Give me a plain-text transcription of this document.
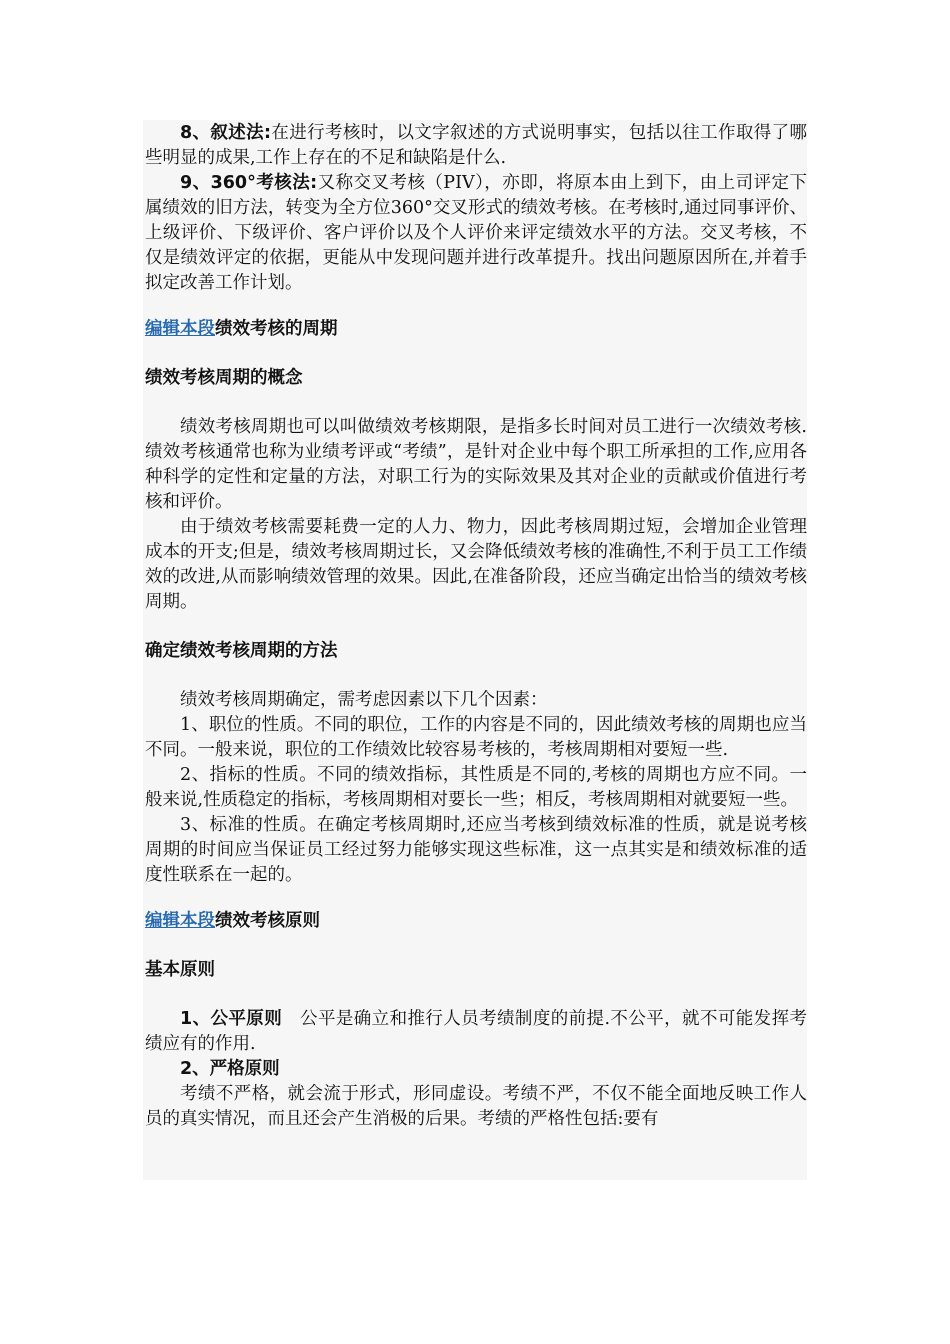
8、叙述法:在进行考核时，以文字叙述的方式说明事实，包括以往工作取得了哪些明显的成果,工作上存在的不足和缺陷是什么.

9、360°考核法:又称交叉考核（PIV），亦即，将原本由上到下，由上司评定下属绩效的旧方法，转变为全方位360°交叉形式的绩效考核。在考核时,通过同事评价、上级评价、下级评价、客户评价以及个人评价来评定绩效水平的方法。交叉考核，不仅是绩效评定的依据，更能从中发现问题并进行改革提升。找出问题原因所在,并着手拟定改善工作计划。

编辑本段绩效考核的周期
绩效考核周期的概念

绩效考核周期也可以叫做绩效考核期限，是指多长时间对员工进行一次绩效考核.绩效考核通常也称为业绩考评或“考绩”，是针对企业中每个职工所承担的工作,应用各种科学的定性和定量的方法，对职工行为的实际效果及其对企业的贡献或价值进行考核和评价。

由于绩效考核需要耗费一定的人力、物力，因此考核周期过短，会增加企业管理成本的开支;但是，绩效考核周期过长，又会降低绩效考核的准确性,不利于员工工作绩效的改进,从而影响绩效管理的效果。因此,在准备阶段，还应当确定出恰当的绩效考核周期。

确定绩效考核周期的方法

绩效考核周期确定，需考虑因素以下几个因素：

1、职位的性质。不同的职位，工作的内容是不同的，因此绩效考核的周期也应当不同。一般来说，职位的工作绩效比较容易考核的，考核周期相对要短一些.

2、指标的性质。不同的绩效指标，其性质是不同的,考核的周期也方应不同。一般来说,性质稳定的指标，考核周期相对要长一些；相反，考核周期相对就要短一些。

3、标准的性质。在确定考核周期时,还应当考核到绩效标准的性质，就是说考核周期的时间应当保证员工经过努力能够实现这些标准，这一点其实是和绩效标准的适度性联系在一起的。

编辑本段绩效考核原则
基本原则

1、公平原则　公平是确立和推行人员考绩制度的前提.不公平，就不可能发挥考绩应有的作用.

2、严格原则

考绩不严格，就会流于形式，形同虚设。考绩不严，不仅不能全面地反映工作人员的真实情况，而且还会产生消极的后果。考绩的严格性包括:要有
